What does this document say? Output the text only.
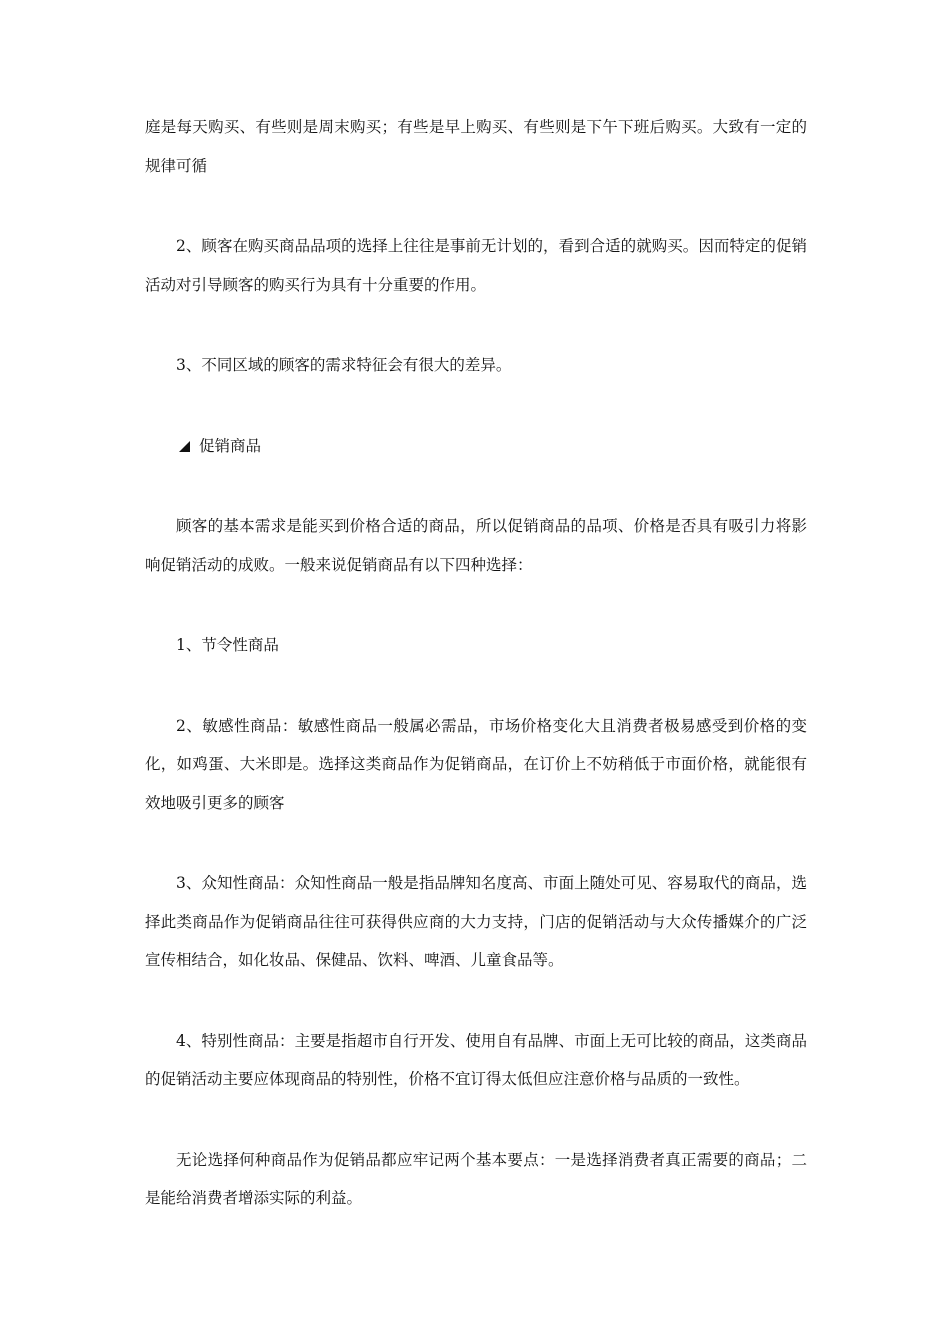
庭是每天购买、有些则是周末购买；有些是早上购买、有些则是下午下班后购买。大致有一定的规律可循

2、顾客在购买商品品项的选择上往往是事前无计划的，看到合适的就购买。因而特定的促销活动对引导顾客的购买行为具有十分重要的作用。

3、不同区域的顾客的需求特征会有很大的差异。

促销商品

顾客的基本需求是能买到价格合适的商品，所以促销商品的品项、价格是否具有吸引力将影响促销活动的成败。一般来说促销商品有以下四种选择：

1、节令性商品

2、敏感性商品：敏感性商品一般属必需品，市场价格变化大且消费者极易感受到价格的变化，如鸡蛋、大米即是。选择这类商品作为促销商品，在订价上不妨稍低于市面价格，就能很有效地吸引更多的顾客

3、众知性商品：众知性商品一般是指品牌知名度高、市面上随处可见、容易取代的商品，选择此类商品作为促销商品往往可获得供应商的大力支持，门店的促销活动与大众传播媒介的广泛宣传相结合，如化妆品、保健品、饮料、啤酒、儿童食品等。

4、特别性商品：主要是指超市自行开发、使用自有品牌、市面上无可比较的商品，这类商品的促销活动主要应体现商品的特别性，价格不宜订得太低但应注意价格与品质的一致性。

无论选择何种商品作为促销品都应牢记两个基本要点：一是选择消费者真正需要的商品；二是能给消费者增添实际的利益。
